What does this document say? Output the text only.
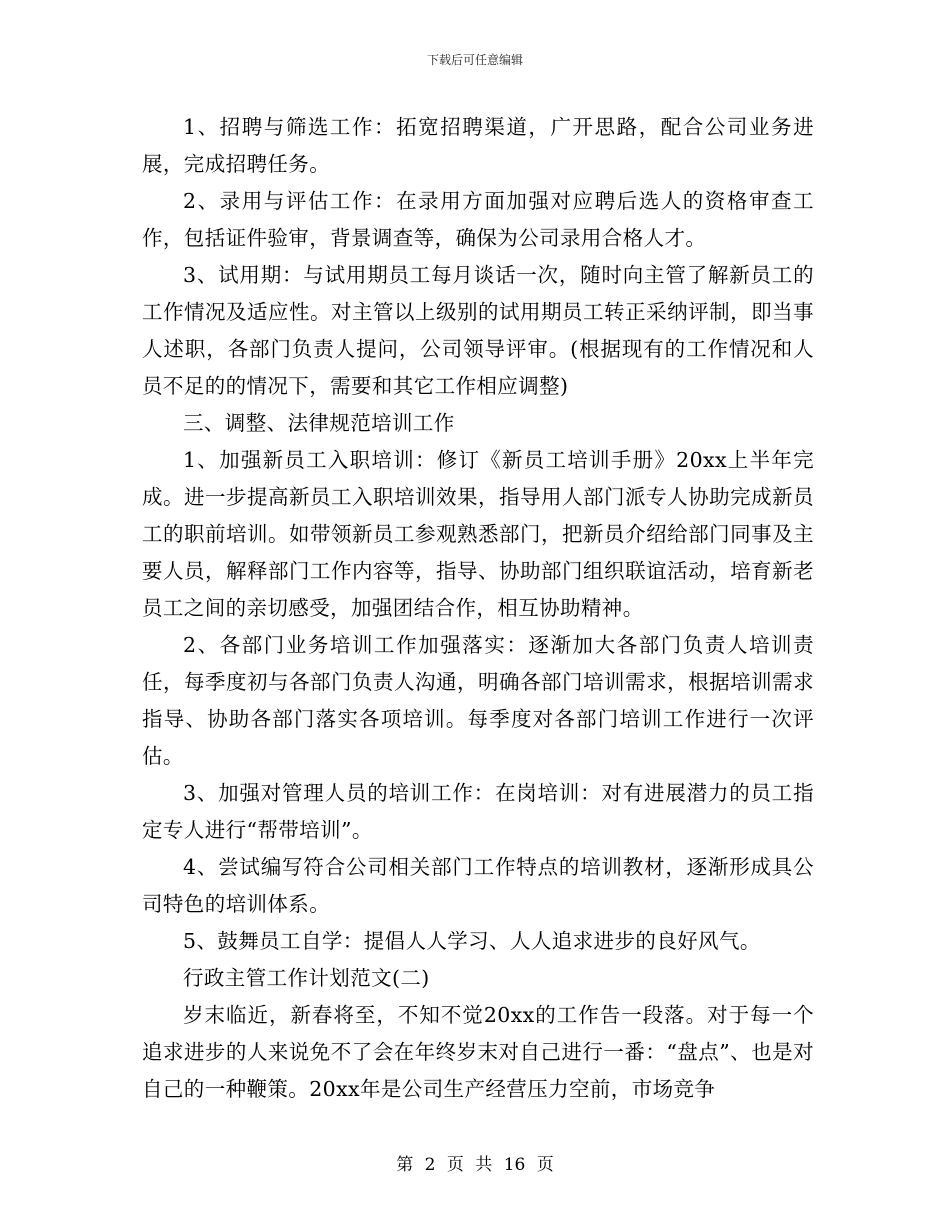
下载后可任意编辑

1、招聘与筛选工作：拓宽招聘渠道，广开思路，配合公司业务进展，完成招聘任务。

2、录用与评估工作：在录用方面加强对应聘后选人的资格审查工作，包括证件验审，背景调查等，确保为公司录用合格人才。

3、试用期：与试用期员工每月谈话一次，随时向主管了解新员工的工作情况及适应性。对主管以上级别的试用期员工转正采纳评制，即当事人述职，各部门负责人提问，公司领导评审。(根据现有的工作情况和人员不足的的情况下，需要和其它工作相应调整)

三、调整、法律规范培训工作

1、加强新员工入职培训：修订《新员工培训手册》20xx上半年完成。进一步提高新员工入职培训效果，指导用人部门派专人协助完成新员工的职前培训。如带领新员工参观熟悉部门，把新员介绍给部门同事及主要人员，解释部门工作内容等，指导、协助部门组织联谊活动，培育新老员工之间的亲切感受，加强团结合作，相互协助精神。

2、各部门业务培训工作加强落实：逐渐加大各部门负责人培训责任，每季度初与各部门负责人沟通，明确各部门培训需求，根据培训需求指导、协助各部门落实各项培训。每季度对各部门培训工作进行一次评估。

3、加强对管理人员的培训工作：在岗培训：对有进展潜力的员工指定专人进行“帮带培训”。

4、尝试编写符合公司相关部门工作特点的培训教材，逐渐形成具公司特色的培训体系。

5、鼓舞员工自学：提倡人人学习、人人追求进步的良好风气。

行政主管工作计划范文(二)

岁末临近，新春将至，不知不觉20xx的工作告一段落。对于每一个追求进步的人来说免不了会在年终岁末对自己进行一番：“盘点”、也是对自己的一种鞭策。20xx年是公司生产经营压力空前，市场竞争

第 2 页 共 16 页
